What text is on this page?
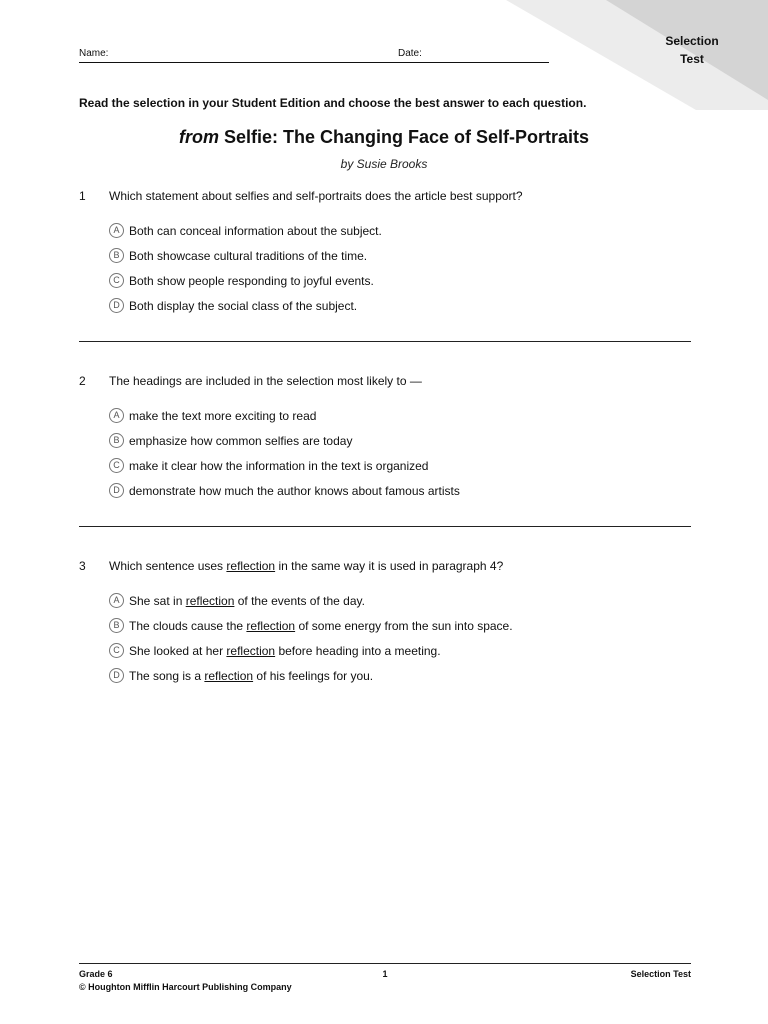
Selection
Test
Name:	Date:
Read the selection in your Student Edition and choose the best answer to each question.
from Selfie: The Changing Face of Self-Portraits
by Susie Brooks
1	Which statement about selfies and self-portraits does the article best support?
A Both can conceal information about the subject.
B Both showcase cultural traditions of the time.
C Both show people responding to joyful events.
D Both display the social class of the subject.
2	The headings are included in the selection most likely to —
A make the text more exciting to read
B emphasize how common selfies are today
C make it clear how the information in the text is organized
D demonstrate how much the author knows about famous artists
3	Which sentence uses reflection in the same way it is used in paragraph 4?
A She sat in reflection of the events of the day.
B The clouds cause the reflection of some energy from the sun into space.
C She looked at her reflection before heading into a meeting.
D The song is a reflection of his feelings for you.
Grade 6	1	Selection Test
© Houghton Mifflin Harcourt Publishing Company
